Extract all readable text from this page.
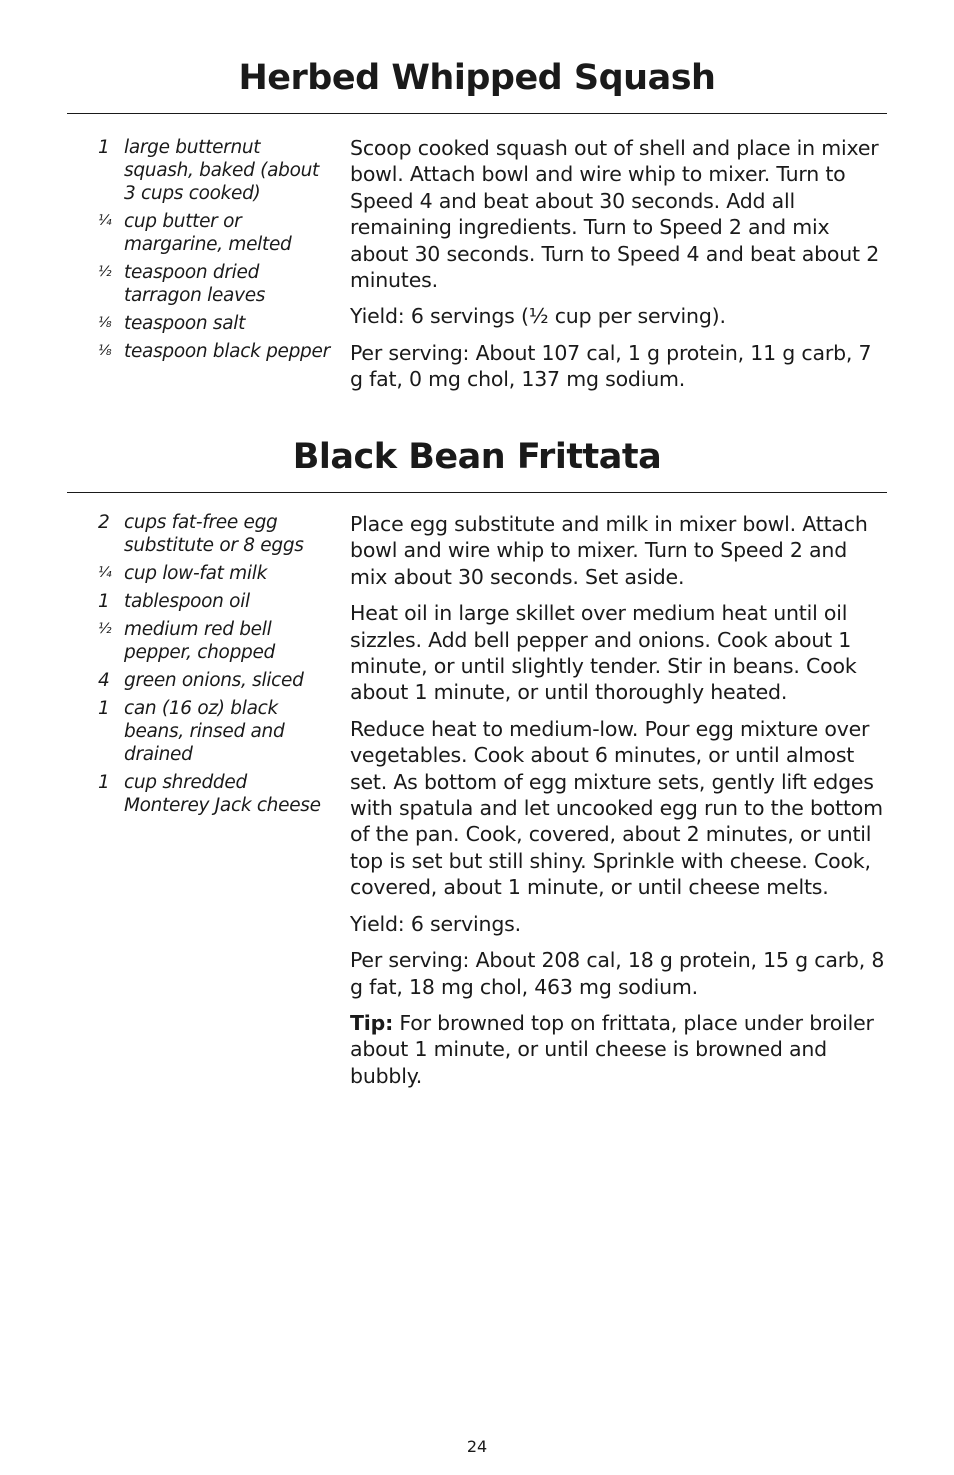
Herbed Whipped Squash
1 large butternut squash, baked (about 3 cups cooked)
¼ cup butter or margarine, melted
½ teaspoon dried tarragon leaves
⅛ teaspoon salt
⅛ teaspoon black pepper

Scoop cooked squash out of shell and place in mixer bowl. Attach bowl and wire whip to mixer. Turn to Speed 4 and beat about 30 seconds. Add all remaining ingredients. Turn to Speed 2 and mix about 30 seconds. Turn to Speed 4 and beat about 2 minutes.

Yield: 6 servings (½ cup per serving).

Per serving: About 107 cal, 1 g protein, 11 g carb, 7 g fat, 0 mg chol, 137 mg sodium.

Black Bean Frittata
2 cups fat-free egg substitute or 8 eggs
¼ cup low-fat milk
1 tablespoon oil
½ medium red bell pepper, chopped
4 green onions, sliced
1 can (16 oz) black beans, rinsed and drained
1 cup shredded Monterey Jack cheese

Place egg substitute and milk in mixer bowl. Attach bowl and wire whip to mixer. Turn to Speed 2 and mix about 30 seconds. Set aside.

Heat oil in large skillet over medium heat until oil sizzles. Add bell pepper and onions. Cook about 1 minute, or until slightly tender. Stir in beans. Cook about 1 minute, or until thoroughly heated.

Reduce heat to medium-low. Pour egg mixture over vegetables. Cook about 6 minutes, or until almost set. As bottom of egg mixture sets, gently lift edges with spatula and let uncooked egg run to the bottom of the pan. Cook, covered, about 2 minutes, or until top is set but still shiny. Sprinkle with cheese. Cook, covered, about 1 minute, or until cheese melts.

Yield: 6 servings.

Per serving: About 208 cal, 18 g protein, 15 g carb, 8 g fat, 18 mg chol, 463 mg sodium.

Tip: For browned top on frittata, place under broiler about 1 minute, or until cheese is browned and bubbly.

24
